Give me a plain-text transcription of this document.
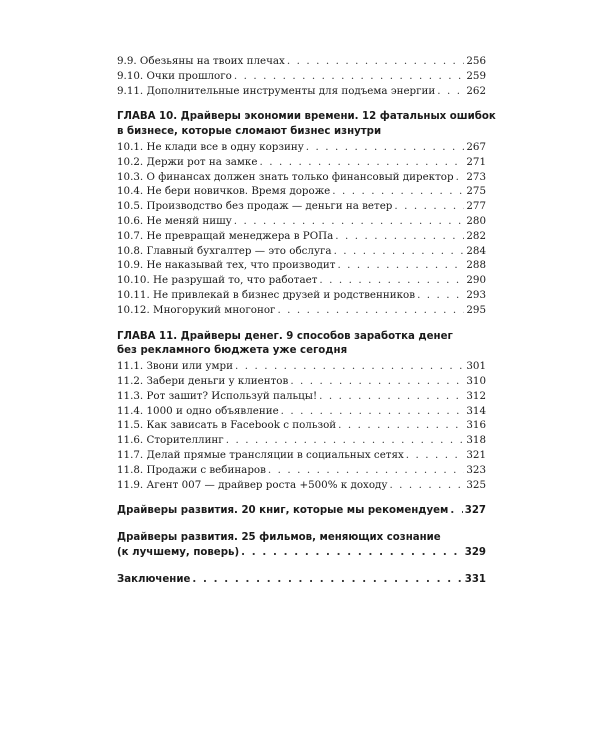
9.9. Обезьяны на твоих плечах . . .	256
9.10. Очки прошлого . . .	259
9.11. Дополнительные инструменты для подъема энергии . . .	262
ГЛАВА 10. Драйверы экономии времени. 12 фатальных ошибок
в бизнесе, которые сломают бизнес изнутри
10.1. Не клади все в одну корзину . . .	267
10.2. Держи рот на замке . . .	271
10.3. О финансах должен знать только финансовый директор . . . 273
10.4. Не бери новичков. Время дороже . . .	275
10.5. Производство без продаж — деньги на ветер . . .	277
10.6. Не меняй нишу . . .	280
10.7. Не превращай менеджера в РОПа . . .	282
10.8. Главный бухгалтер — это обслуга . . .	284
10.9. Не наказывай тех, что производит . . .	288
10.10. Не разрушай то, что работает . . .	290
10.11. Не привлекай в бизнес друзей и родственников . . .	293
10.12. Многорукий многоног . . .	295
ГЛАВА 11. Драйверы денег. 9 способов заработка денег
без рекламного бюджета уже сегодня
11.1. Звони или умри . . .	301
11.2. Забери деньги у клиентов . . .	310
11.3. Рот зашит? Используй пальцы! . . .	312
11.4. 1000 и одно объявление . . .	314
11.5. Как зависать в Facebook с пользой . . .	316
11.6. Сторителлинг . . .	318
11.7. Делай прямые трансляции в социальных сетях . . .	321
11.8. Продажи с вебинаров . . .	323
11.9. Агент 007 — драйвер роста +500% к доходу . . .	325
Драйверы развития. 20 книг, которые мы рекомендуем . . . 327
Драйверы развития. 25 фильмов, меняющих сознание
(к лучшему, поверь) . . .	329
Заключение . . .	331
